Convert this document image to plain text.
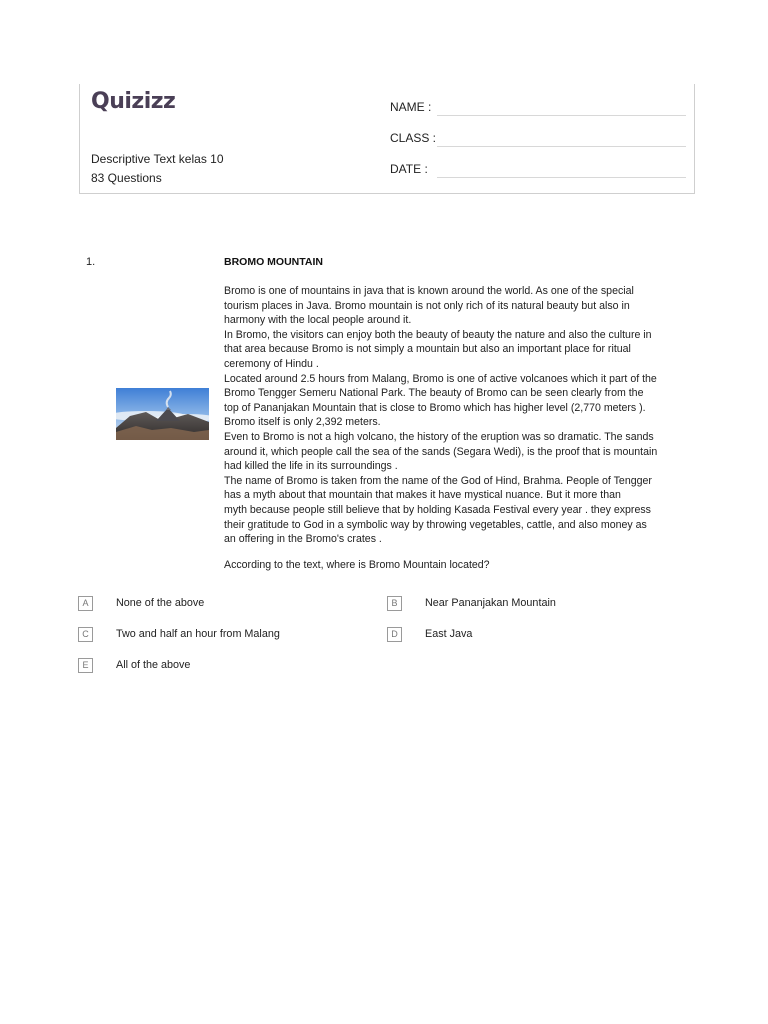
Quizizz
Descriptive Text kelas 10
83 Questions
NAME :
CLASS :
DATE :
1.	BROMO MOUNTAIN

Bromo is one of mountains in java that is known around the world. As one of the special

tourism places in Java. Bromo mountain is not only rich of its natural beauty but also in

harmony with the local people around it.

In Bromo, the visitors can enjoy both the beauty of beauty the nature and also the culture in

that area because Bromo is not simply a mountain but also an important place for ritual

ceremony of Hindu .

Located around 2.5 hours from Malang, Bromo is one of active volcanoes which it part of the

Bromo Tengger Semeru National Park. The beauty of Bromo can be seen clearly from the

top of Pananjakan Mountain that is close to Bromo which has higher level (2,770 meters ).

Bromo itself is only 2,392 meters.

Even to Bromo is not a high volcano, the history of the eruption was so dramatic. The sands

around it, which people call the sea of the sands (Segara Wedi), is the proof that is mountain

had killed the life in its surroundings .

The name of Bromo is taken from the name of the God of Hind, Brahma. People of Tengger

has a myth about that mountain that makes it have mystical nuance. But it more than

myth because people still believe that by holding Kasada Festival every year . they express

their gratitude to God in a symbolic way by throwing vegetables, cattle, and also money as

an offering in the Bromo's crates .

According to the text, where is Bromo Mountain located?
A	None of the above	B	Near Pananjakan Mountain
C	Two and half an hour from Malang	D	East Java
E	All of the above
